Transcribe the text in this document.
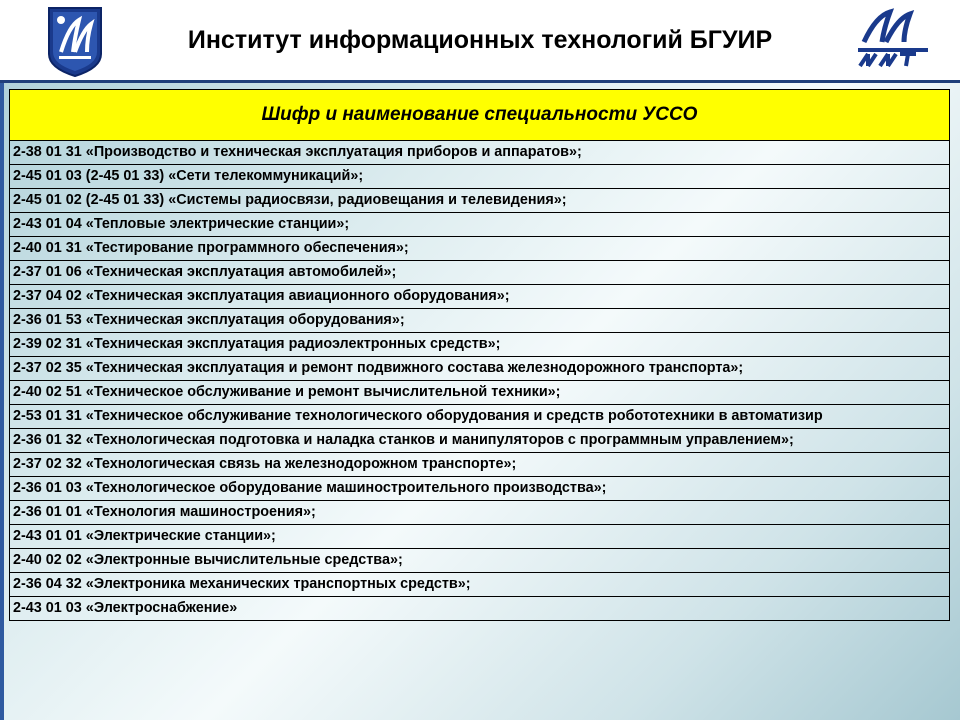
Институт информационных технологий БГУИР
Шифр и наименование специальности УССО
2-38 01 31 «Производство и техническая эксплуатация приборов и аппаратов»;
2-45 01 03 (2-45 01 33) «Сети телекоммуникаций»;
2-45 01 02 (2-45 01 33) «Системы радиосвязи, радиовещания и телевидения»;
2-43 01 04 «Тепловые электрические станции»;
2-40 01 31 «Тестирование программного обеспечения»;
2-37 01 06 «Техническая эксплуатация автомобилей»;
2-37 04 02 «Техническая эксплуатация авиационного оборудования»;
2-36 01 53 «Техническая эксплуатация оборудования»;
2-39 02 31 «Техническая эксплуатация радиоэлектронных средств»;
2-37 02 35 «Техническая эксплуатация и ремонт подвижного состава железнодорожного транспорта»;
2-40 02 51 «Техническое обслуживание и ремонт вычислительной техники»;
2-53 01 31 «Техническое обслуживание технологического оборудования и средств робототехники в автоматизир
2-36 01 32 «Технологическая подготовка и наладка станков и манипуляторов с программным управлением»;
2-37 02 32 «Технологическая связь на железнодорожном транспорте»;
2-36 01 03 «Технологическое оборудование машиностроительного производства»;
2-36 01 01 «Технология машиностроения»;
2-43 01 01 «Электрические станции»;
2-40 02 02 «Электронные вычислительные средства»;
2-36 04 32 «Электроника механических транспортных средств»;
2-43 01 03 «Электроснабжение»
